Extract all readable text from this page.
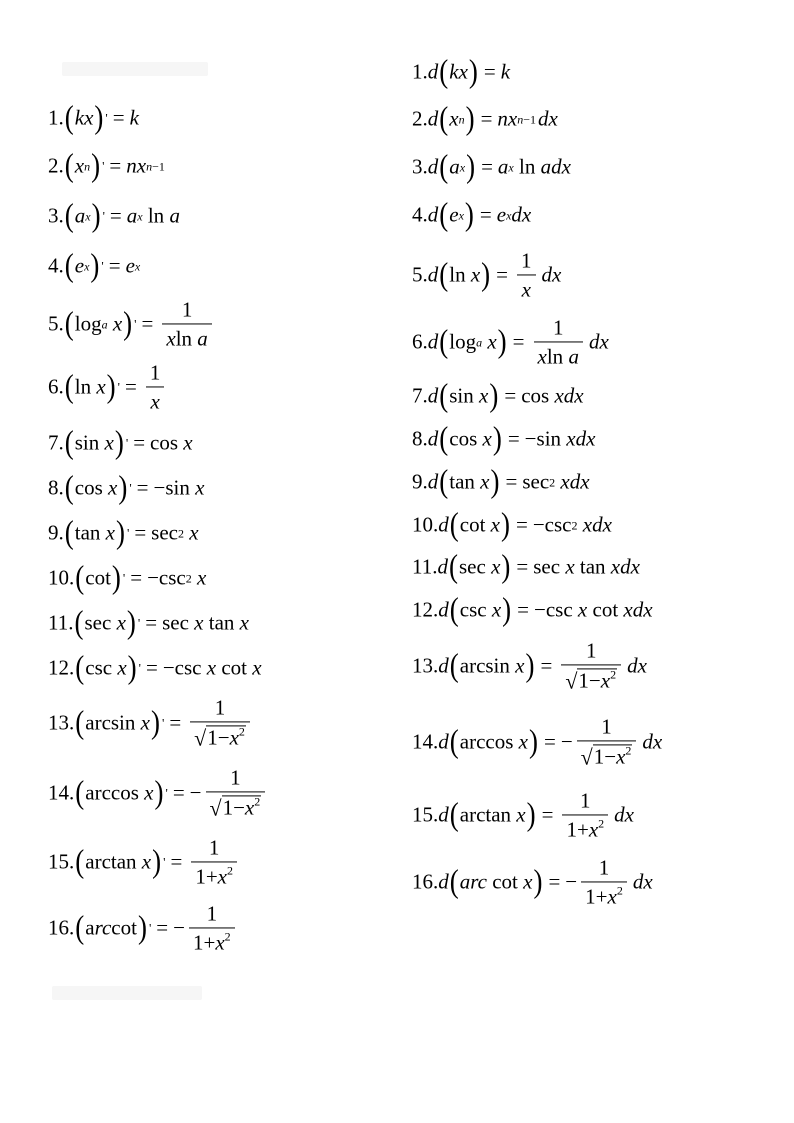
1. ( kx ) ' = k
2. ( x n ) ' = nx n−1
3. ( a x ) ' = a x ln a
4. ( e x ) ' = e x
5. ( log a
x ) ' = $\frac{1}{\text{xln a}}$
6. ( ln x ) ' = $\frac{1}{x}$
7. ( sin x ) ' = cos x
8. ( cos x ) ' = −sin x
9. ( tan x ) ' = sec 2
x
10. ( cot ) ' = −csc 2
x
11. ( sec x ) ' = sec x tan x
12. ( csc x ) ' = −csc x cot x
13. ( arcsin x ) ' = $\frac{1}{√ 1-x^2}$
14. ( arccos x ) ' = − $\frac{1}{√ 1-x^2}$
15. ( arctan x ) ' = $\frac{1}{1+x^2}$
16. ( a rc cot ) ' = − $\frac{1}{1+x^2}$
1. d ( kx ) = k
2. d ( x n ) = nx n−1 dx
3. d ( a x ) = a x ln adx
4. d ( e x ) = e x dx
5. d ( ln x ) = $\frac{1}{x}$ dx
6. d ( log a
x ) = $\frac{1}{\text{xln a}}$ dx
7. d ( sin x ) = cos xdx
8. d ( cos x ) = −sin xdx
9. d ( tan x ) = sec 2
xdx
10. d ( cot x ) = −csc 2
xdx
11. d ( sec x ) = sec x tan xdx
12. d ( csc x ) = −csc x cot xdx
13. d ( arcsin x ) = $\frac{1}{√ 1-x^2}$ dx
14. d ( arccos x ) = − $\frac{1}{√ 1-x^2}$ dx
15. d ( arctan x ) = $\frac{1}{1+x^2}$ dx
16. d ( arc cot x ) = − $\frac{1}{1+x^2}$ dx
